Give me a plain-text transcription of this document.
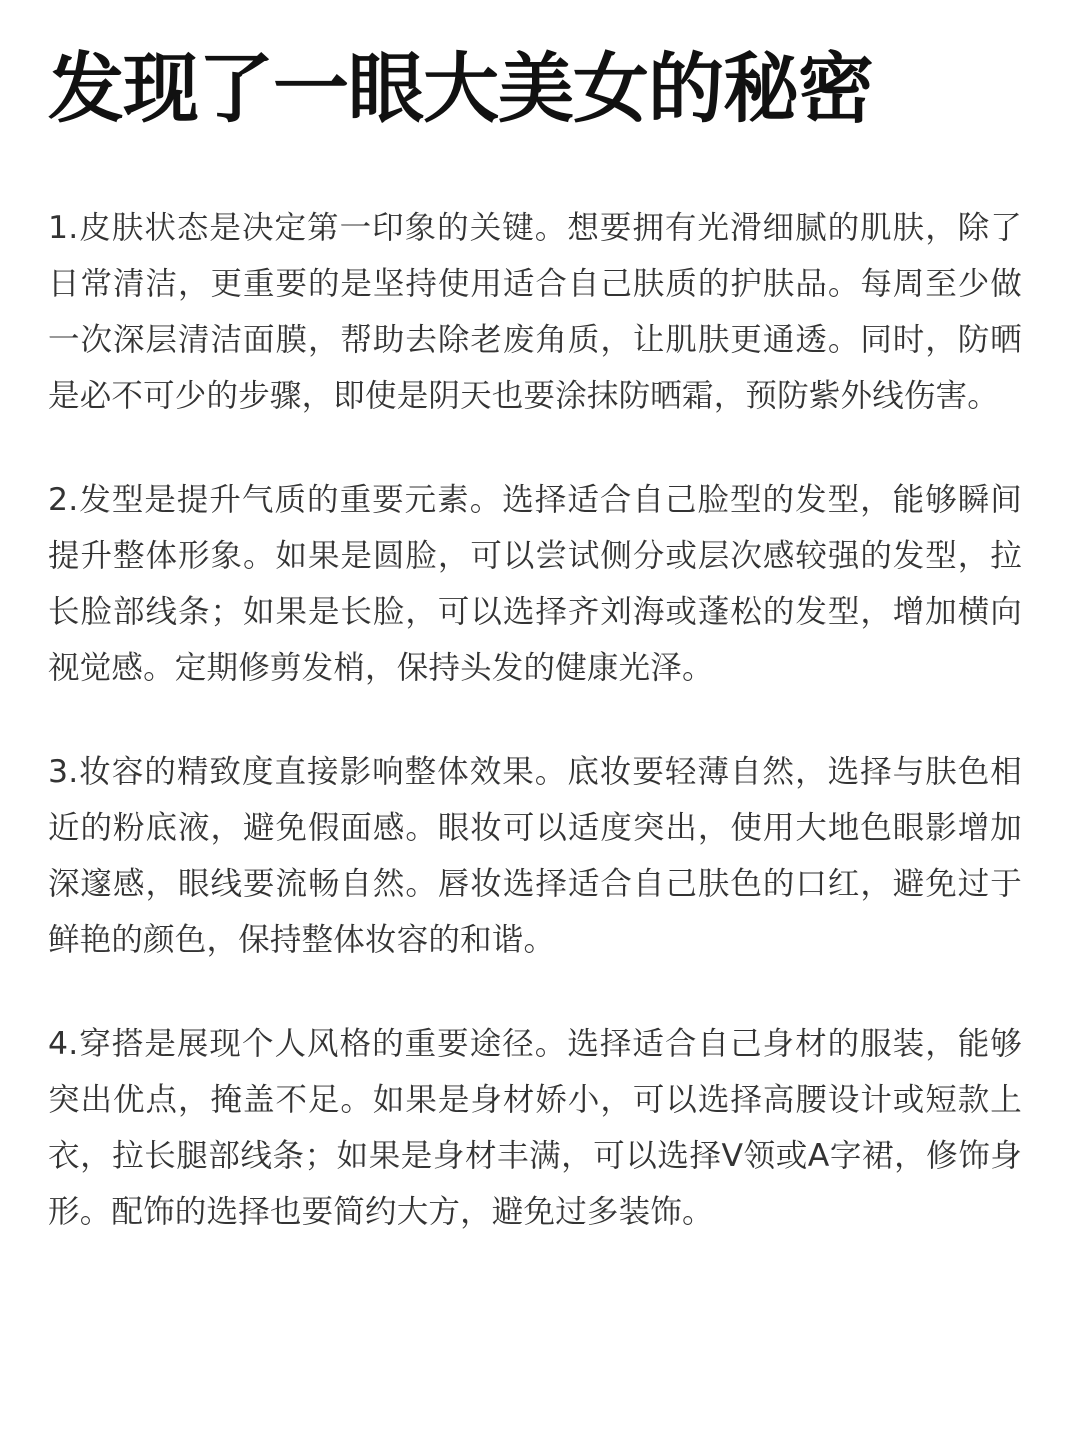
发现了一眼大美女的秘密

1.皮肤状态是决定第一印象的关键。想要拥有光滑细腻的肌肤，除了日常清洁，更重要的是坚持使用适合自己肤质的护肤品。每周至少做一次深层清洁面膜，帮助去除老废角质，让肌肤更通透。同时，防晒是必不可少的步骤，即使是阴天也要涂抹防晒霜，预防紫外线伤害。

2.发型是提升气质的重要元素。选择适合自己脸型的发型，能够瞬间提升整体形象。如果是圆脸，可以尝试侧分或层次感较强的发型，拉长脸部线条；如果是长脸，可以选择齐刘海或蓬松的发型，增加横向视觉感。定期修剪发梢，保持头发的健康光泽。

3.妆容的精致度直接影响整体效果。底妆要轻薄自然，选择与肤色相近的粉底液，避免假面感。眼妆可以适度突出，使用大地色眼影增加深邃感，眼线要流畅自然。唇妆选择适合自己肤色的口红，避免过于鲜艳的颜色，保持整体妆容的和谐。

4.穿搭是展现个人风格的重要途径。选择适合自己身材的服装，能够突出优点，掩盖不足。如果是身材娇小，可以选择高腰设计或短款上衣，拉长腿部线条；如果是身材丰满，可以选择V领或A字裙，修饰身形。配饰的选择也要简约大方，避免过多装饰。
